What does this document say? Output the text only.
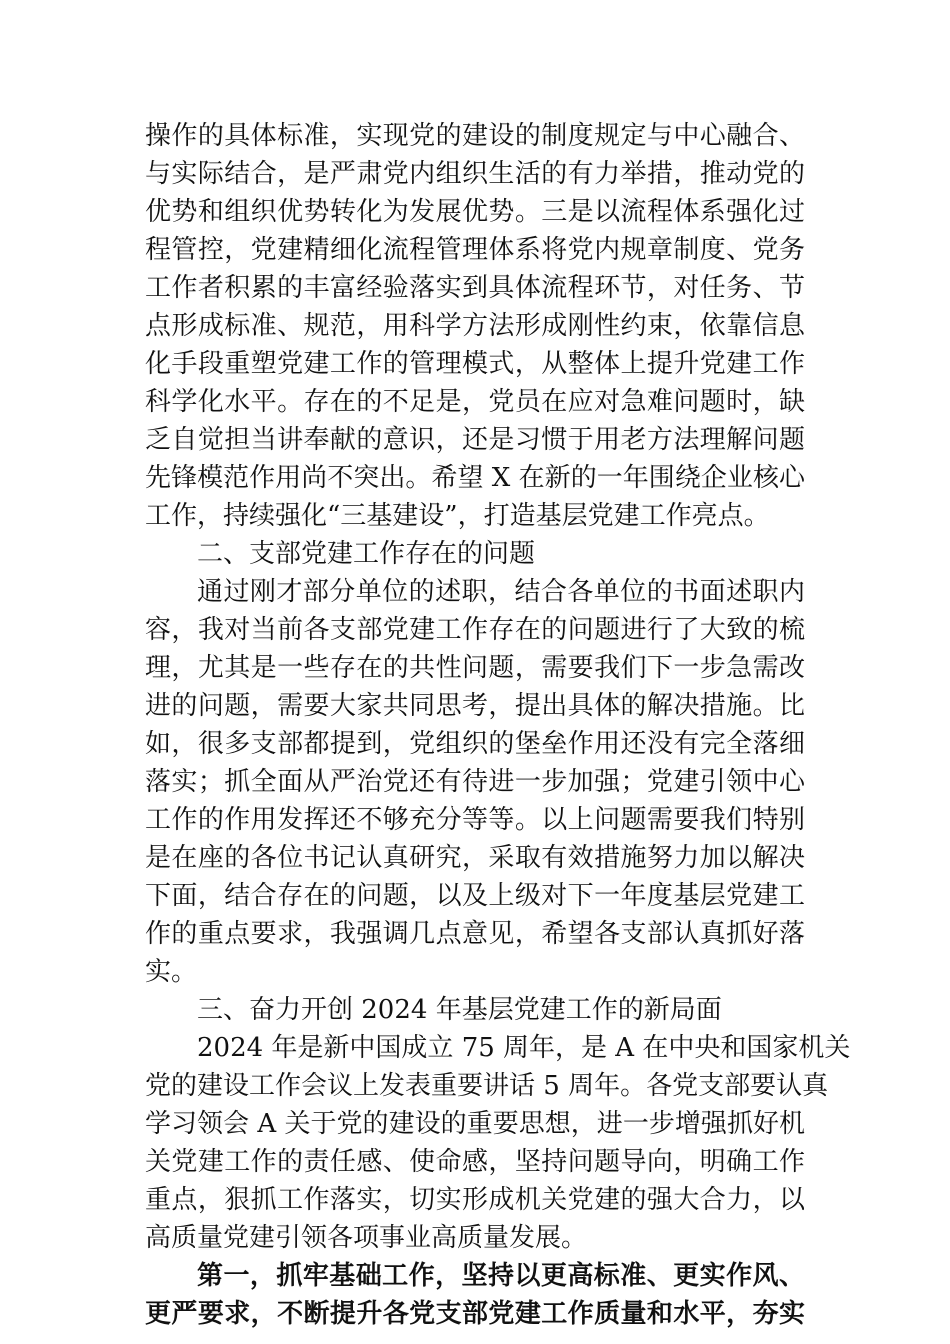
操作的具体标准，实现党的建设的制度规定与中心融合、
与实际结合，是严肃党内组织生活的有力举措，推动党的
优势和组织优势转化为发展优势。三是以流程体系强化过
程管控，党建精细化流程管理体系将党内规章制度、党务
工作者积累的丰富经验落实到具体流程环节，对任务、节
点形成标准、规范，用科学方法形成刚性约束，依靠信息
化手段重塑党建工作的管理模式，从整体上提升党建工作
科学化水平。存在的不足是，党员在应对急难问题时，缺
乏自觉担当讲奉献的意识，还是习惯于用老方法理解问题
先锋模范作用尚不突出。希望 X 在新的一年围绕企业核心
工作，持续强化“三基建设”，打造基层党建工作亮点。
二、支部党建工作存在的问题
通过刚才部分单位的述职，结合各单位的书面述职内
容，我对当前各支部党建工作存在的问题进行了大致的梳
理，尤其是一些存在的共性问题，需要我们下一步急需改
进的问题，需要大家共同思考，提出具体的解决措施。比
如，很多支部都提到，党组织的堡垒作用还没有完全落细
落实；抓全面从严治党还有待进一步加强；党建引领中心
工作的作用发挥还不够充分等等。以上问题需要我们特别
是在座的各位书记认真研究，采取有效措施努力加以解决
下面，结合存在的问题，以及上级对下一年度基层党建工
作的重点要求，我强调几点意见，希望各支部认真抓好落
实。
三、奋力开创 2024 年基层党建工作的新局面
2024 年是新中国成立 75 周年，是 A 在中央和国家机关
党的建设工作会议上发表重要讲话 5 周年。各党支部要认真
学习领会 A 关于党的建设的重要思想，进一步增强抓好机
关党建工作的责任感、使命感，坚持问题导向，明确工作
重点，狠抓工作落实，切实形成机关党建的强大合力，以
高质量党建引领各项事业高质量发展。
第一，抓牢基础工作，坚持以更高标准、更实作风、
更严要求，不断提升各党支部党建工作质量和水平，夯实
